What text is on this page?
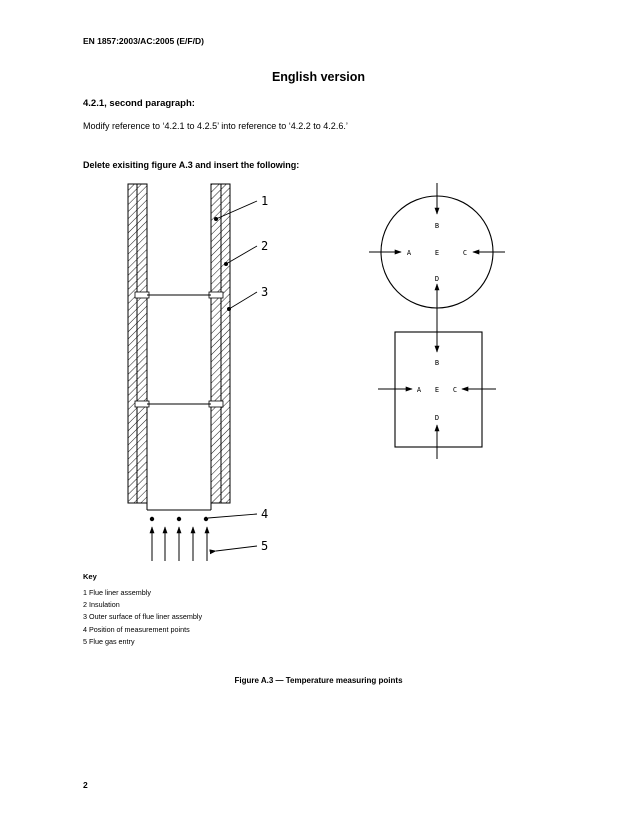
EN 1857:2003/AC:2005 (E/F/D)
English version
4.2.1, second paragraph:
Modify reference to ‘4.2.1 to 4.2.5’ into reference to ‘4.2.2 to 4.2.6.’
Delete exisiting figure A.3 and insert the following:
1
2
3
4
5
B
A	E	C
D
B
A E C
D
Key
1 Flue liner assembly
2 Insulation
3 Outer surface of flue liner assembly
4 Position of measurement points
5 Flue gas entry
Figure A.3 — Temperature measuring points
2
